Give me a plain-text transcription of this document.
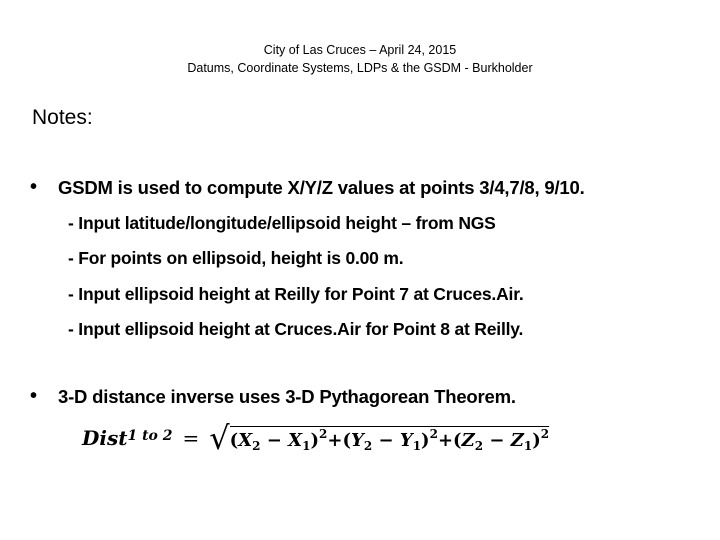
City of Las Cruces – April 24, 2015
Datums, Coordinate Systems, LDPs & the GSDM - Burkholder
Notes:
• GSDM is used to compute X/Y/Z values at points 3/4,7/8, 9/10.
- Input latitude/longitude/ellipsoid height – from NGS
- For points on ellipsoid, height is 0.00 m.
- Input ellipsoid height at Reilly for Point 7 at Cruces.Air.
- Input ellipsoid height at Cruces.Air for Point 8 at Reilly.
• 3-D distance inverse uses 3-D Pythagorean Theorem.
Dist 1 to 2 = √ $(X_2 - X_1)^2+(Y_2 - Y_1)^2+(Z_2 - Z_1)^2$
